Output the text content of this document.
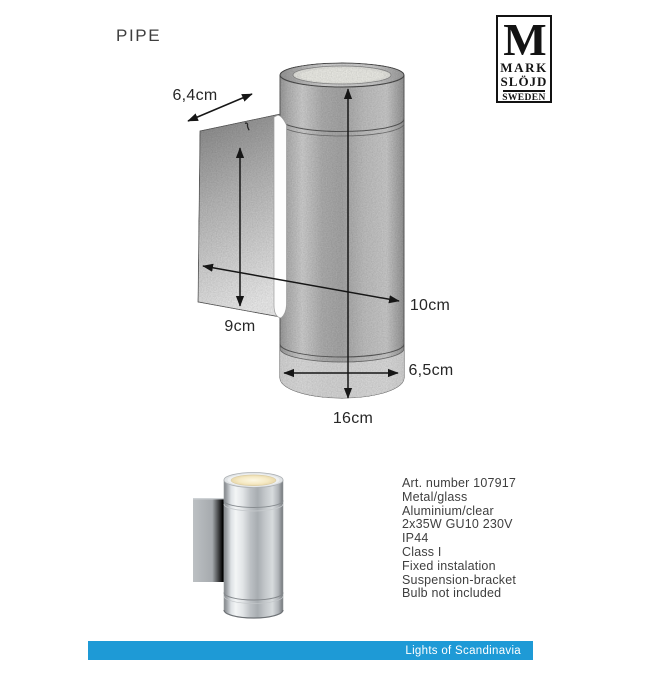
PIPE	M
MARK
SLÖJD
SWEDEN
6,4cm
9cm
16cm
10cm
6,5cm
Art. number 107917
Metal/glass
Aluminium/clear
2x35W GU10 230V
IP44
Class I
Fixed instalation
Suspension-bracket
Bulb not included
Lights of Scandinavia
